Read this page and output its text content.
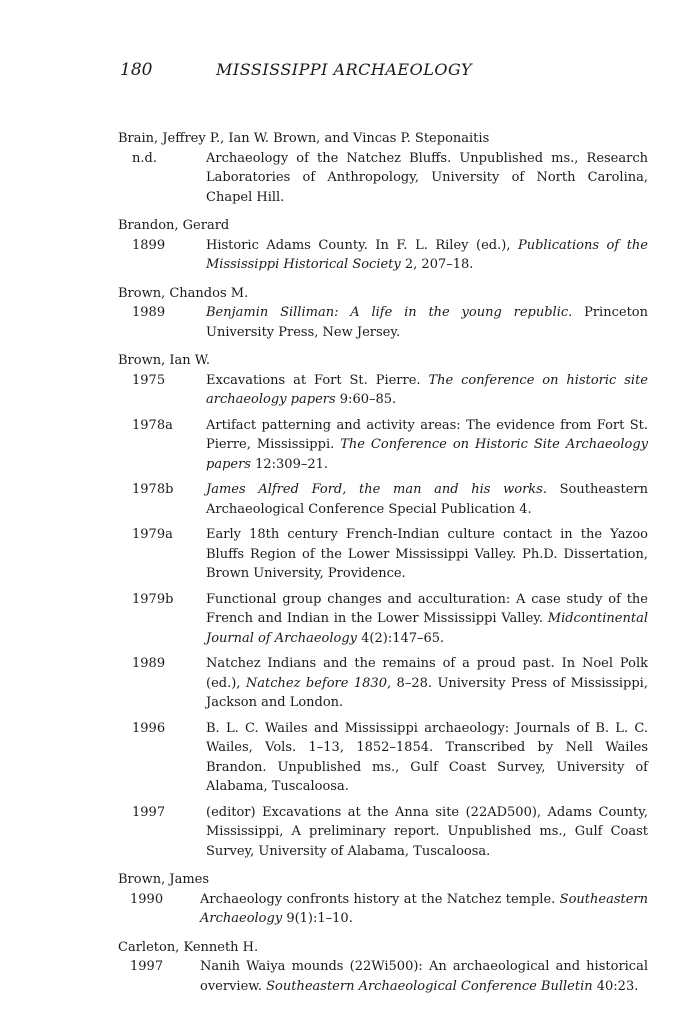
180	MISSISSIPPI ARCHAEOLOGY
Brain, Jeffrey P., Ian W. Brown, and Vincas P. Steponaitis
n.d.	Archaeology of the Natchez Bluffs. Unpublished ms., Research Laboratories of Anthropology, University of North Carolina, Chapel Hill.
Brandon, Gerard
1899	Historic Adams County. In F. L. Riley (ed.), Publications of the Mississippi Historical Society 2, 207–18.
Brown, Chandos M.
1989	Benjamin Silliman: A life in the young republic. Princeton University Press, New Jersey.
Brown, Ian W.
1975	Excavations at Fort St. Pierre. The conference on historic site archaeology papers 9:60–85.
1978a	Artifact patterning and activity areas: The evidence from Fort St. Pierre, Mississippi. The Conference on Historic Site Archaeology papers 12:309–21.
1978b	James Alfred Ford, the man and his works. Southeastern Archaeological Conference Special Publication 4.
1979a	Early 18th century French-Indian culture contact in the Yazoo Bluffs Region of the Lower Mississippi Valley. Ph.D. Dissertation, Brown University, Providence.
1979b	Functional group changes and acculturation: A case study of the French and Indian in the Lower Mississippi Valley. Midcontinental Journal of Archaeology 4(2):147–65.
1989	Natchez Indians and the remains of a proud past. In Noel Polk (ed.), Natchez before 1830, 8–28. University Press of Mississippi, Jackson and London.
1996	B. L. C. Wailes and Mississippi archaeology: Journals of B. L. C. Wailes, Vols. 1–13, 1852–1854. Transcribed by Nell Wailes Brandon. Unpublished ms., Gulf Coast Survey, University of Alabama, Tuscaloosa.
1997	(editor) Excavations at the Anna site (22AD500), Adams County, Mississippi, A preliminary report. Unpublished ms., Gulf Coast Survey, University of Alabama, Tuscaloosa.
Brown, James
1990	Archaeology confronts history at the Natchez temple. Southeastern Archaeology 9(1):1–10.
Carleton, Kenneth H.
1997	Nanih Waiya mounds (22Wi500): An archaeological and historical overview. Southeastern Archaeological Conference Bulletin 40:23.
